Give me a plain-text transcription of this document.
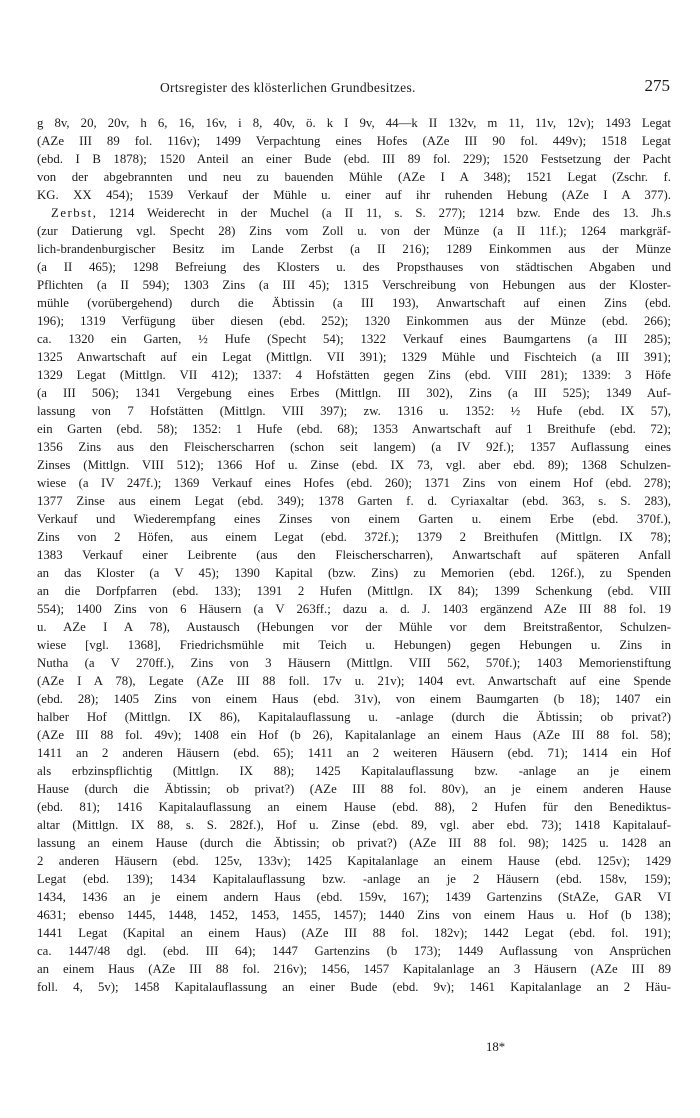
Ortsregister des klösterlichen Grundbesitzes.	275
g 8v, 20, 20v, h 6, 16, 16v, i 8, 40v, ö. k I 9v, 44—k II 132v, m 11, 11v, 12v); 1493 Legat
(AZe III 89 fol. 116v); 1499 Verpachtung eines Hofes (AZe III 90 fol. 449v); 1518 Legat
(ebd. I B 1878); 1520 Anteil an einer Bude (ebd. III 89 fol. 229); 1520 Festsetzung der Pacht
von der abgebrannten und neu zu bauenden Mühle (AZe I A 348); 1521 Legat (Zschr. f.
KG. XX 454); 1539 Verkauf der Mühle u. einer auf ihr ruhenden Hebung (AZe I A 377).
Zerbst, 1214 Weiderecht in der Muchel (a II 11, s. S. 277); 1214 bzw. Ende des 13. Jh.s
(zur Datierung vgl. Specht 28) Zins vom Zoll u. von der Münze (a II 11f.); 1264 markgräf-
lich-brandenburgischer Besitz im Lande Zerbst (a II 216); 1289 Einkommen aus der Münze
(a II 465); 1298 Befreiung des Klosters u. des Propsthauses von städtischen Abgaben und
Pflichten (a II 594); 1303 Zins (a III 45); 1315 Verschreibung von Hebungen aus der Kloster-
mühle (vorübergehend) durch die Äbtissin (a III 193), Anwartschaft auf einen Zins (ebd.
196); 1319 Verfügung über diesen (ebd. 252); 1320 Einkommen aus der Münze (ebd. 266);
ca. 1320 ein Garten, ½ Hufe (Specht 54); 1322 Verkauf eines Baumgartens (a III 285);
1325 Anwartschaft auf ein Legat (Mittlgn. VII 391); 1329 Mühle und Fischteich (a III 391);
1329 Legat (Mittlgn. VII 412); 1337: 4 Hofstätten gegen Zins (ebd. VIII 281); 1339: 3 Höfe
(a III 506); 1341 Vergebung eines Erbes (Mittlgn. III 302), Zins (a III 525); 1349 Auf-
lassung von 7 Hofstätten (Mittlgn. VIII 397); zw. 1316 u. 1352: ½ Hufe (ebd. IX 57),
ein Garten (ebd. 58); 1352: 1 Hufe (ebd. 68); 1353 Anwartschaft auf 1 Breithufe (ebd. 72);
1356 Zins aus den Fleischerscharren (schon seit langem) (a IV 92f.); 1357 Auflassung eines
Zinses (Mittlgn. VIII 512); 1366 Hof u. Zinse (ebd. IX 73, vgl. aber ebd. 89); 1368 Schulzen-
wiese (a IV 247f.); 1369 Verkauf eines Hofes (ebd. 260); 1371 Zins von einem Hof (ebd. 278);
1377 Zinse aus einem Legat (ebd. 349); 1378 Garten f. d. Cyriaxaltar (ebd. 363, s. S. 283),
Verkauf und Wiederempfang eines Zinses von einem Garten u. einem Erbe (ebd. 370f.),
Zins von 2 Höfen, aus einem Legat (ebd. 372f.); 1379 2 Breithufen (Mittlgn. IX 78);
1383 Verkauf einer Leibrente (aus den Fleischerscharren), Anwartschaft auf späteren Anfall
an das Kloster (a V 45); 1390 Kapital (bzw. Zins) zu Memorien (ebd. 126f.), zu Spenden
an die Dorfpfarren (ebd. 133); 1391 2 Hufen (Mittlgn. IX 84); 1399 Schenkung (ebd. VIII
554); 1400 Zins von 6 Häusern (a V 263ff.; dazu a. d. J. 1403 ergänzend AZe III 88 fol. 19
u. AZe I A 78), Austausch (Hebungen vor der Mühle vor dem Breitstraßentor, Schulzen-
wiese [vgl. 1368], Friedrichsmühle mit Teich u. Hebungen) gegen Hebungen u. Zins in
Nutha (a V 270ff.), Zins von 3 Häusern (Mittlgn. VIII 562, 570f.); 1403 Memorienstiftung
(AZe I A 78), Legate (AZe III 88 foll. 17v u. 21v); 1404 evt. Anwartschaft auf eine Spende
(ebd. 28); 1405 Zins von einem Haus (ebd. 31v), von einem Baumgarten (b 18); 1407 ein
halber Hof (Mittlgn. IX 86), Kapitalauflassung u. -anlage (durch die Äbtissin; ob privat?)
(AZe III 88 fol. 49v); 1408 ein Hof (b 26), Kapitalanlage an einem Haus (AZe III 88 fol. 58);
1411 an 2 anderen Häusern (ebd. 65); 1411 an 2 weiteren Häusern (ebd. 71); 1414 ein Hof
als erbzinspflichtig (Mittlgn. IX 88); 1425 Kapitalauflassung bzw. -anlage an je einem
Hause (durch die Äbtissin; ob privat?) (AZe III 88 fol. 80v), an je einem anderen Hause
(ebd. 81); 1416 Kapitalauflassung an einem Hause (ebd. 88), 2 Hufen für den Benediktus-
altar (Mittlgn. IX 88, s. S. 282f.), Hof u. Zinse (ebd. 89, vgl. aber ebd. 73); 1418 Kapitalauf-
lassung an einem Hause (durch die Äbtissin; ob privat?) (AZe III 88 fol. 98); 1425 u. 1428 an
2 anderen Häusern (ebd. 125v, 133v); 1425 Kapitalanlage an einem Hause (ebd. 125v); 1429
Legat (ebd. 139); 1434 Kapitalauflassung bzw. -anlage an je 2 Häusern (ebd. 158v, 159);
1434, 1436 an je einem andern Haus (ebd. 159v, 167); 1439 Gartenzins (StAZe, GAR VI
4631; ebenso 1445, 1448, 1452, 1453, 1455, 1457); 1440 Zins von einem Haus u. Hof (b 138);
1441 Legat (Kapital an einem Haus) (AZe III 88 fol. 182v); 1442 Legat (ebd. fol. 191);
ca. 1447/48 dgl. (ebd. III 64); 1447 Gartenzins (b 173); 1449 Auflassung von Ansprüchen
an einem Haus (AZe III 88 fol. 216v); 1456, 1457 Kapitalanlage an 3 Häusern (AZe III 89
foll. 4, 5v); 1458 Kapitalauflassung an einer Bude (ebd. 9v); 1461 Kapitalanlage an 2 Häu-
18*
